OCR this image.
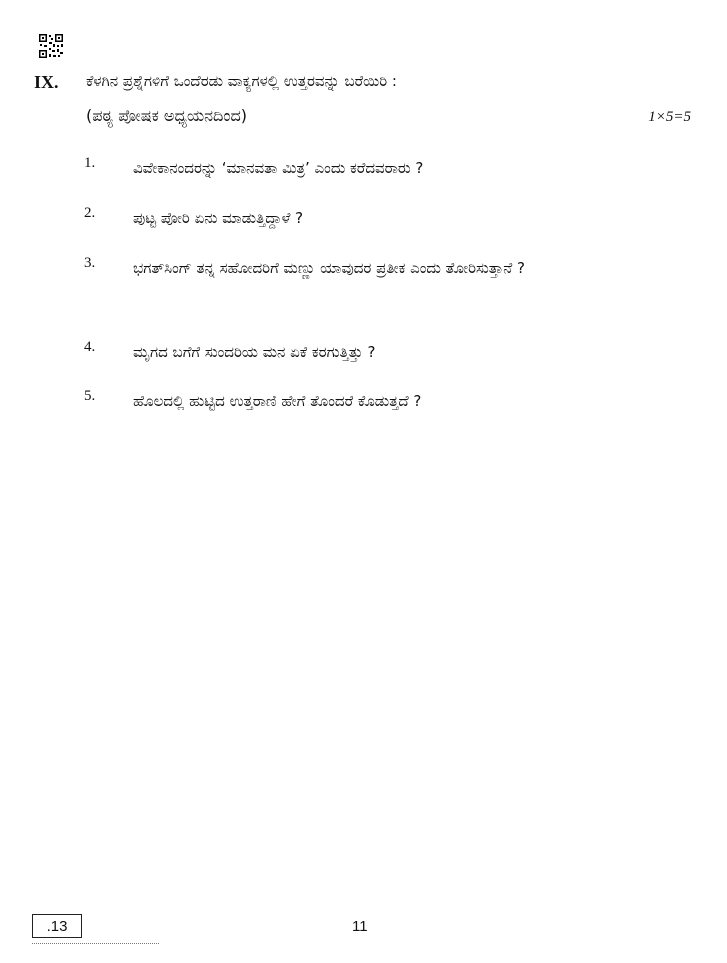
IX. ಕೆಳಗಿನ ಪ್ರಶ್ನೆಗಳಿಗೆ ಒಂದೆರಡು ವಾಕ್ಯಗಳಲ್ಲಿ ಉತ್ತರವನ್ನು ಬರೆಯಿರಿ :
(ಪಠ್ಯ ಪೋಷಕ ಅಧ್ಯಯನದಿಂದ)	1×5=5
1.	ವಿವೇಕಾನಂದರನ್ನು ‘ಮಾನವತಾ ಮಿತ್ರ’ ಎಂದು ಕರೆದವರಾರು ?
2.	ಪುಟ್ಟ ಪೋರಿ ಏನು ಮಾಡುತ್ತಿದ್ದಾಳೆ ?
3.	ಭಗತ್‌ಸಿಂಗ್ ತನ್ನ ಸಹೋದರಿಗೆ ಮಣ್ಣು ಯಾವುದರ ಪ್ರತೀಕ ಎಂದು ತೋರಿಸುತ್ತಾನೆ ?
4.	ಮೃಗದ ಬಗೆಗೆ ಸುಂದರಿಯ ಮನ ಏಕೆ ಕರಗುತ್ತಿತ್ತು ?
5.	ಹೊಲದಲ್ಲಿ ಹುಟ್ಟಿದ ಉತ್ತರಾಣಿ ಹೇಗೆ ತೊಂದರೆ ಕೊಡುತ್ತದೆ ?
.13	11
